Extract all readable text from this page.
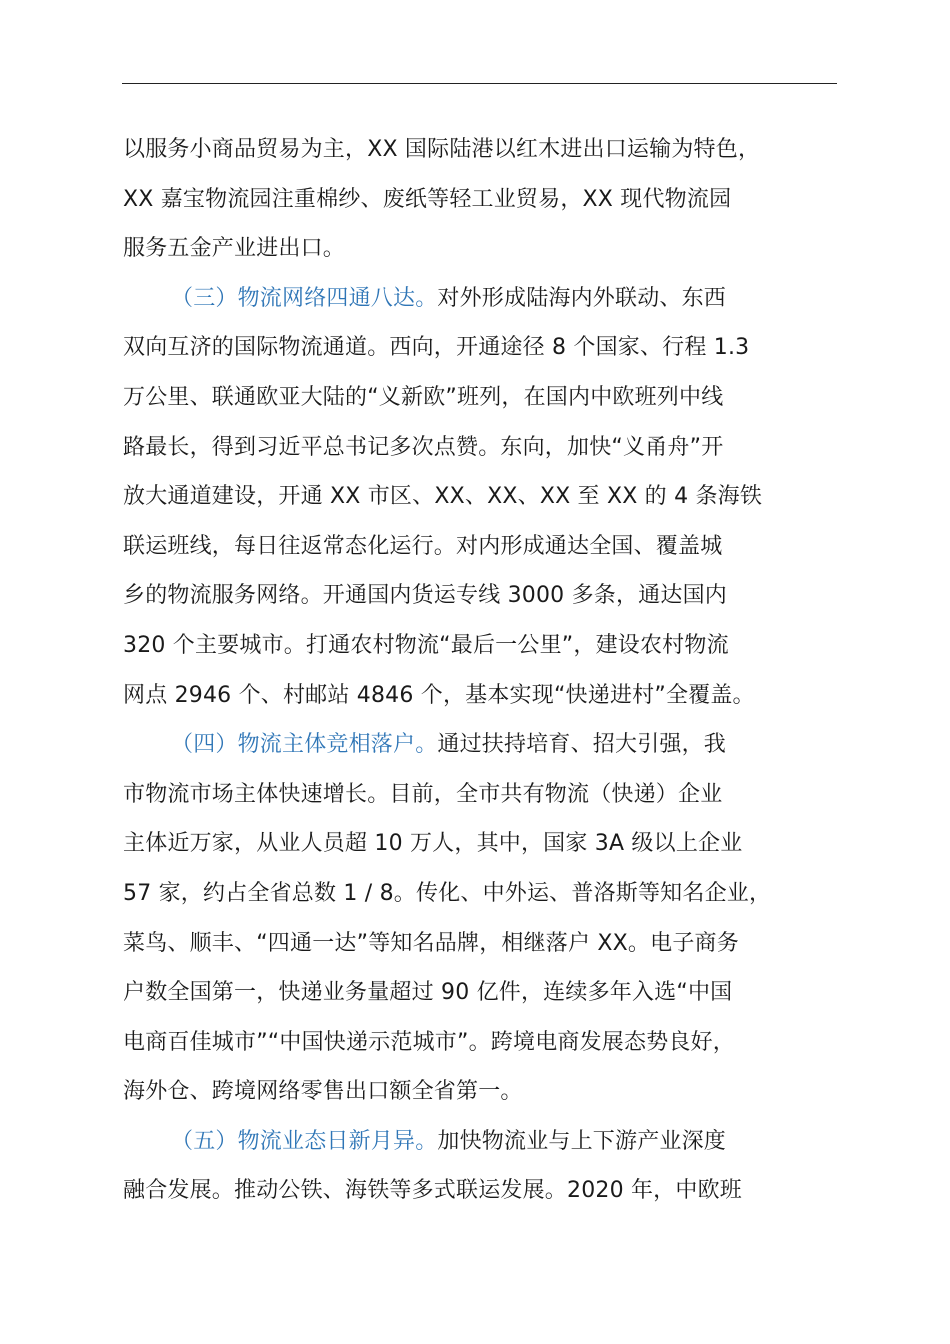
以服务小商品贸易为主，XX 国际陆港以红木进出口运输为特色，
XX 嘉宝物流园注重棉纱、废纸等轻工业贸易，XX 现代物流园
服务五金产业进出口。
（三）物流网络四通八达。对外形成陆海内外联动、东西
双向互济的国际物流通道。西向，开通途径 8 个国家、行程 1.3
万公里、联通欧亚大陆的“义新欧”班列，在国内中欧班列中线
路最长，得到习近平总书记多次点赞。东向，加快“义甬舟”开
放大通道建设，开通 XX 市区、XX、XX、XX 至 XX 的 4 条海铁
联运班线，每日往返常态化运行。对内形成通达全国、覆盖城
乡的物流服务网络。开通国内货运专线 3000 多条，通达国内
320 个主要城市。打通农村物流“最后一公里”，建设农村物流
网点 2946 个、村邮站 4846 个，基本实现“快递进村”全覆盖。
（四）物流主体竞相落户。通过扶持培育、招大引强，我
市物流市场主体快速增长。目前，全市共有物流（快递）企业
主体近万家，从业人员超 10 万人，其中，国家 3A 级以上企业
57 家，约占全省总数 1 / 8。传化、中外运、普洛斯等知名企业，
菜鸟、顺丰、“四通一达”等知名品牌，相继落户 XX。电子商务
户数全国第一，快递业务量超过 90 亿件，连续多年入选“中国
电商百佳城市”“中国快递示范城市”。跨境电商发展态势良好，
海外仓、跨境网络零售出口额全省第一。
（五）物流业态日新月异。加快物流业与上下游产业深度
融合发展。推动公铁、海铁等多式联运发展。2020 年，中欧班
